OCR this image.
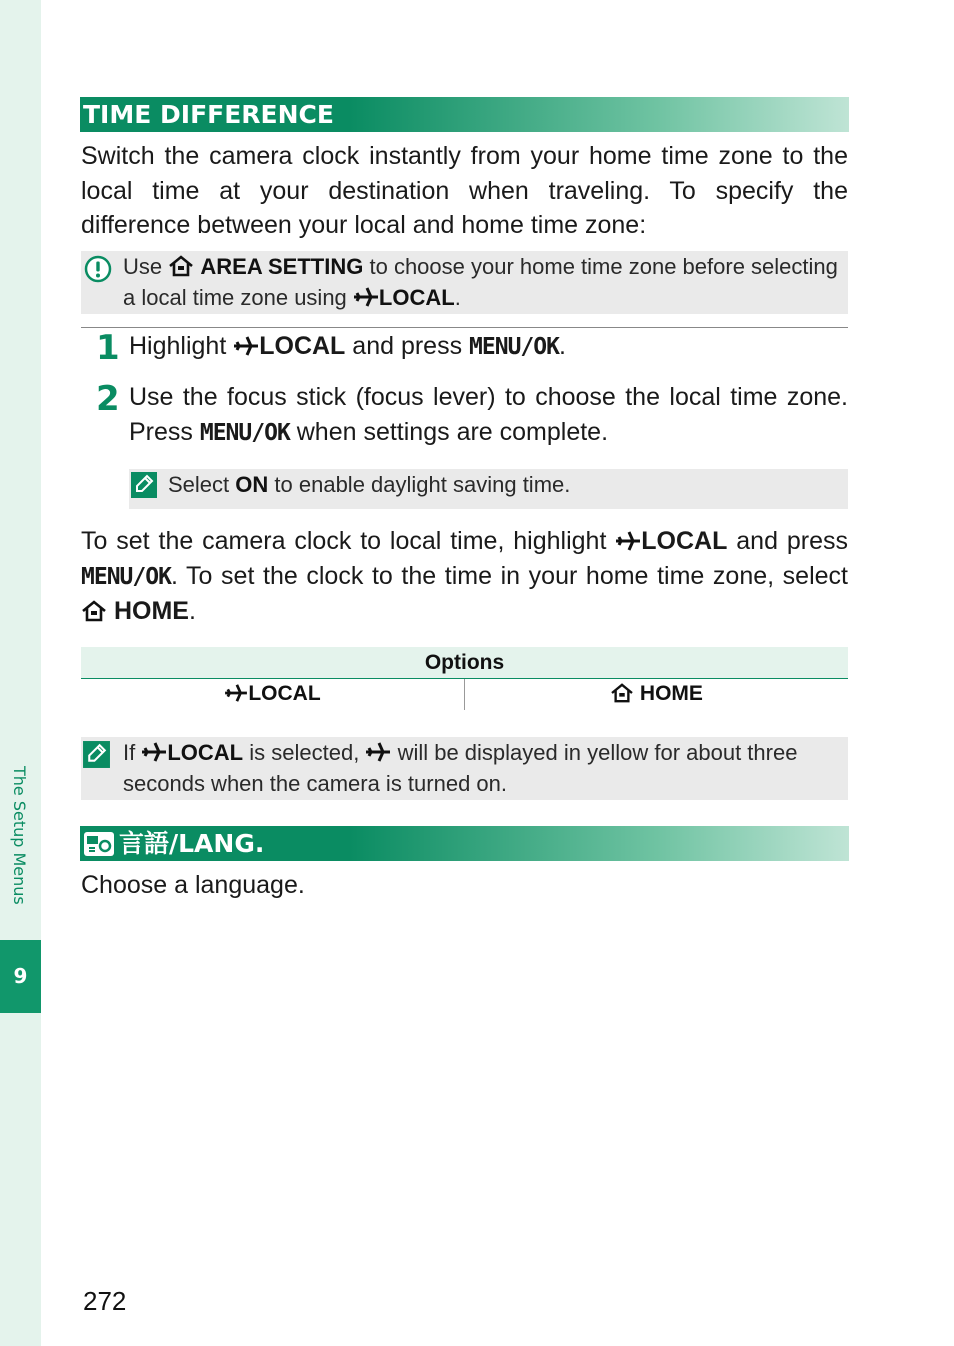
The Setup Menus
9
TIME DIFFERENCE
Switch the camera clock instantly from your home time zone to the local time at your destination when traveling. To specify the difference between your local and home time zone:
Use AREA SETTING to choose your home time zone before selecting a local time zone using LOCAL.
1 Highlight LOCAL and press MENU/OK.
2 Use the focus stick (focus lever) to choose the local time zone. Press MENU/OK when settings are complete.
Select ON to enable daylight saving time.
To set the camera clock to local time, highlight LOCAL and press MENU/OK. To set the clock to the time in your home time zone, select  HOME.
Options
LOCAL	HOME
If LOCAL is selected, will be displayed in yellow for about three seconds when the camera is turned on.
言語/LANG.
Choose a language.
272
